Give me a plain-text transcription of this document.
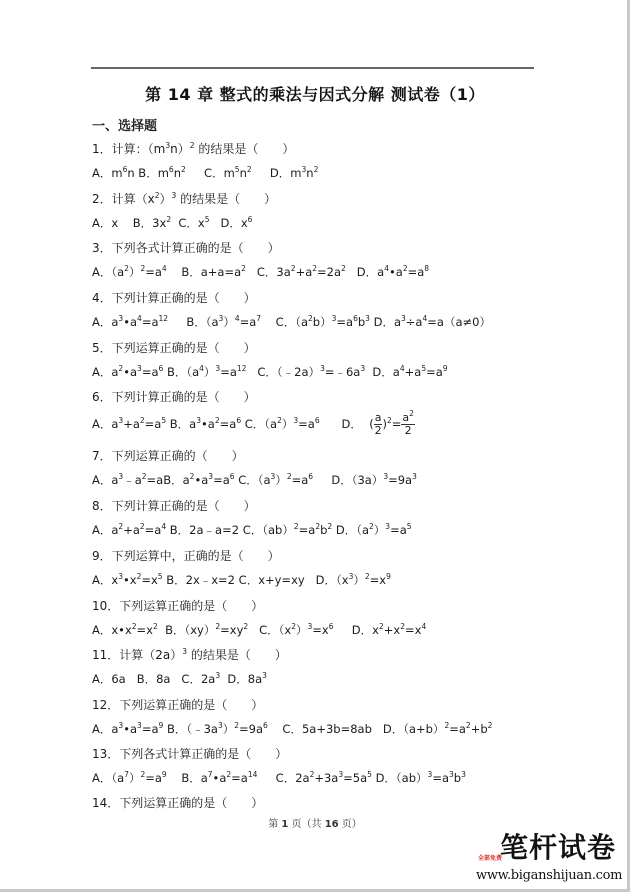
第 14 章 整式的乘法与因式分解 测试卷（1）
一、选择题
1．计算：$(m^3n)^2$ 的结果是（　　）
A．$m^6n$ B．$m^6n^2$     C．$m^5n^2$     D．$m^3n^2$
2．计算$(x^2)^3$ 的结果是（　　）
A．x    B．$3x^2$  C．$x^5$   D．$x^6$
3．下列各式计算正确的是（　　）
A．$(a^2)^2=a^4$    B．$a+a=a^2$   C．$3a^2+a^2=2a^2$   D．$a^4•a^2=a^8$
4．下列计算正确的是（　　）
A．$a^3•a^4=a^{12}$     B．$(a^3)^4=a^7$    C．$(a^2b)^3=a^6b^3$ D．$a^3\div a^4=a(a\ne 0)$
5．下列运算正确的是（　　）
A．$a^2•a^3=a^6$ B．$(a^4)^3=a^{12}$   C．$(﹣2a)^3=﹣6a^3$  D．$a^4+a^5=a^9$
6．下列计算正确的是（　　）
A．$a^3+a^2=a^5$ B．$a^3•a^2=a^6$ C．$(a^2)^3=a^6$      D．  ( $\frac{a}{2} )^2= \frac{a^2}{2}$
7．下列运算正确的（　　）
A．$a^3﹣a^2=aB$．$a^2•a^3=a^6$ C．$(a^3)^2=a^6$     D．$(3a)^3=9a^3$
8．下列计算正确的是（　　）
A．$a^2+a^2=a^4$ B．2a﹣a=2 C．$(ab)^2=a^2b^2$ D．$(a^2)^3=a^5$
9．下列运算中，正确的是（　　）
A．$x^3•x^2=x^5$ B．2x﹣x=2 C．x+y=xy   D．$(x^3)^2=x^9$
10．下列运算正确的是（　　）
A．$x•x^2=x^2$  B．$(xy)^2=xy^2$   C．$(x^2)^3=x^6$     D．$x^2+x^2=x^4$
11．计算$(2a)^3$ 的结果是（　　）
A．6a   B．8a   C．$2a^3$  D．$8a^3$
12．下列运算正确的是（　　）
A．$a^3•a^3=a^9$ B．$(﹣3a^3)^2=9a^6$    C．5a+3b=8ab   D．$(a+b)^2=a^2+b^2$
13．下列各式计算正确的是（　　）
A．$(a^7)^2=a^9$    B．$a^7•a^2=a^{14}$     C．$2a^2+3a^3=5a^5$ D．$(ab)^3=a^3b^3$
14．下列运算正确的是（　　）
第 1 页（共 16 页）
笔杆试卷
全部免费
www.biganshijuan.com
